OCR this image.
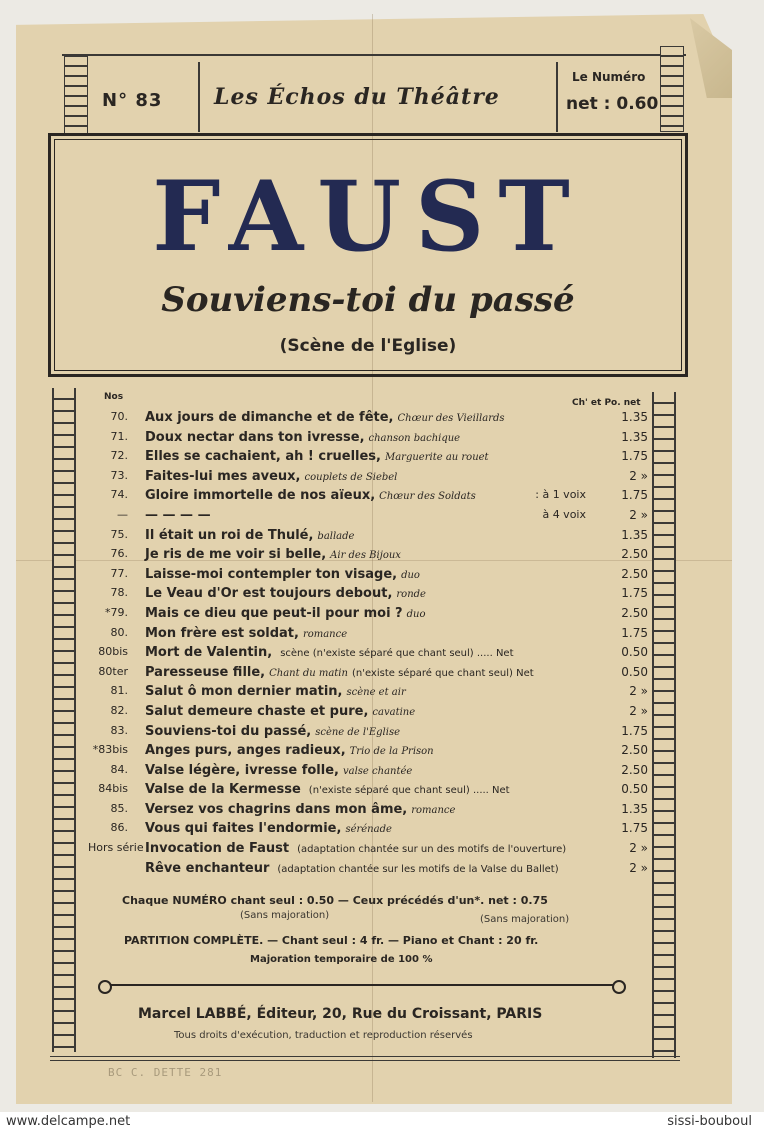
N° 83 Les Échos du Théâtre
Le Numéro
net : 0.60
FAUST
Souviens-toi du passé
(Scène de l'Eglise)
Nos
Ch' et Po. net
70. Aux jours de dimanche et de fête, Chœur des Vieillards	1.35
71. Doux nectar dans ton ivresse, chanson bachique	1.35
72. Elles se cachaient, ah ! cruelles, Marguerite au rouet	1.75
73. Faites-lui mes aveux, couplets de Siebel	2 »
74. Gloire immortelle de nos aïeux, Chœur des Soldats	: à 1 voix	1.75
— — — — —	à 4 voix	2 »
75. Il était un roi de Thulé, ballade	1.35
76. Je ris de me voir si belle, Air des Bijoux	2.50
77. Laisse-moi contempler ton visage, duo	2.50
78. Le Veau d'Or est toujours debout, ronde	1.75
*79. Mais ce dieu que peut-il pour moi ? duo	2.50
80. Mon frère est soldat, romance	1.75
80bis Mort de Valentin, scène (n'existe séparé que chant seul) ..... Net	0.50
80ter Paresseuse fille, Chant du matin (n'existe séparé que chant seul) Net	0.50
81. Salut ô mon dernier matin, scène et air	2 »
82. Salut demeure chaste et pure, cavatine	2 »
83. Souviens-toi du passé, scène de l'Eglise	1.75
*83bis Anges purs, anges radieux, Trio de la Prison	2.50
84. Valse légère, ivresse folle, valse chantée	2.50
84bis Valse de la Kermesse (n'existe séparé que chant seul) ..... Net	0.50
85. Versez vos chagrins dans mon âme, romance	1.35
86. Vous qui faites l'endormie, sérénade	1.75
Hors série Invocation de Faust (adaptation chantée sur un des motifs de l'ouverture)	2 »
Rêve enchanteur (adaptation chantée sur les motifs de la Valse du Ballet)	2 »
Chaque NUMÉRO chant seul : 0.50 — Ceux précédés d'un*. net : 0.75
(Sans majoration)	(Sans majoration)
PARTITION COMPLÈTE. — Chant seul : 4 fr. — Piano et Chant : 20 fr.
Majoration temporaire de 100 %
Marcel LABBÉ, Éditeur, 20, Rue du Croissant, PARIS
Tous droits d'exécution, traduction et reproduction réservés
BC C. DETTE 281
www.delcampe.net	sissi-bouboul
